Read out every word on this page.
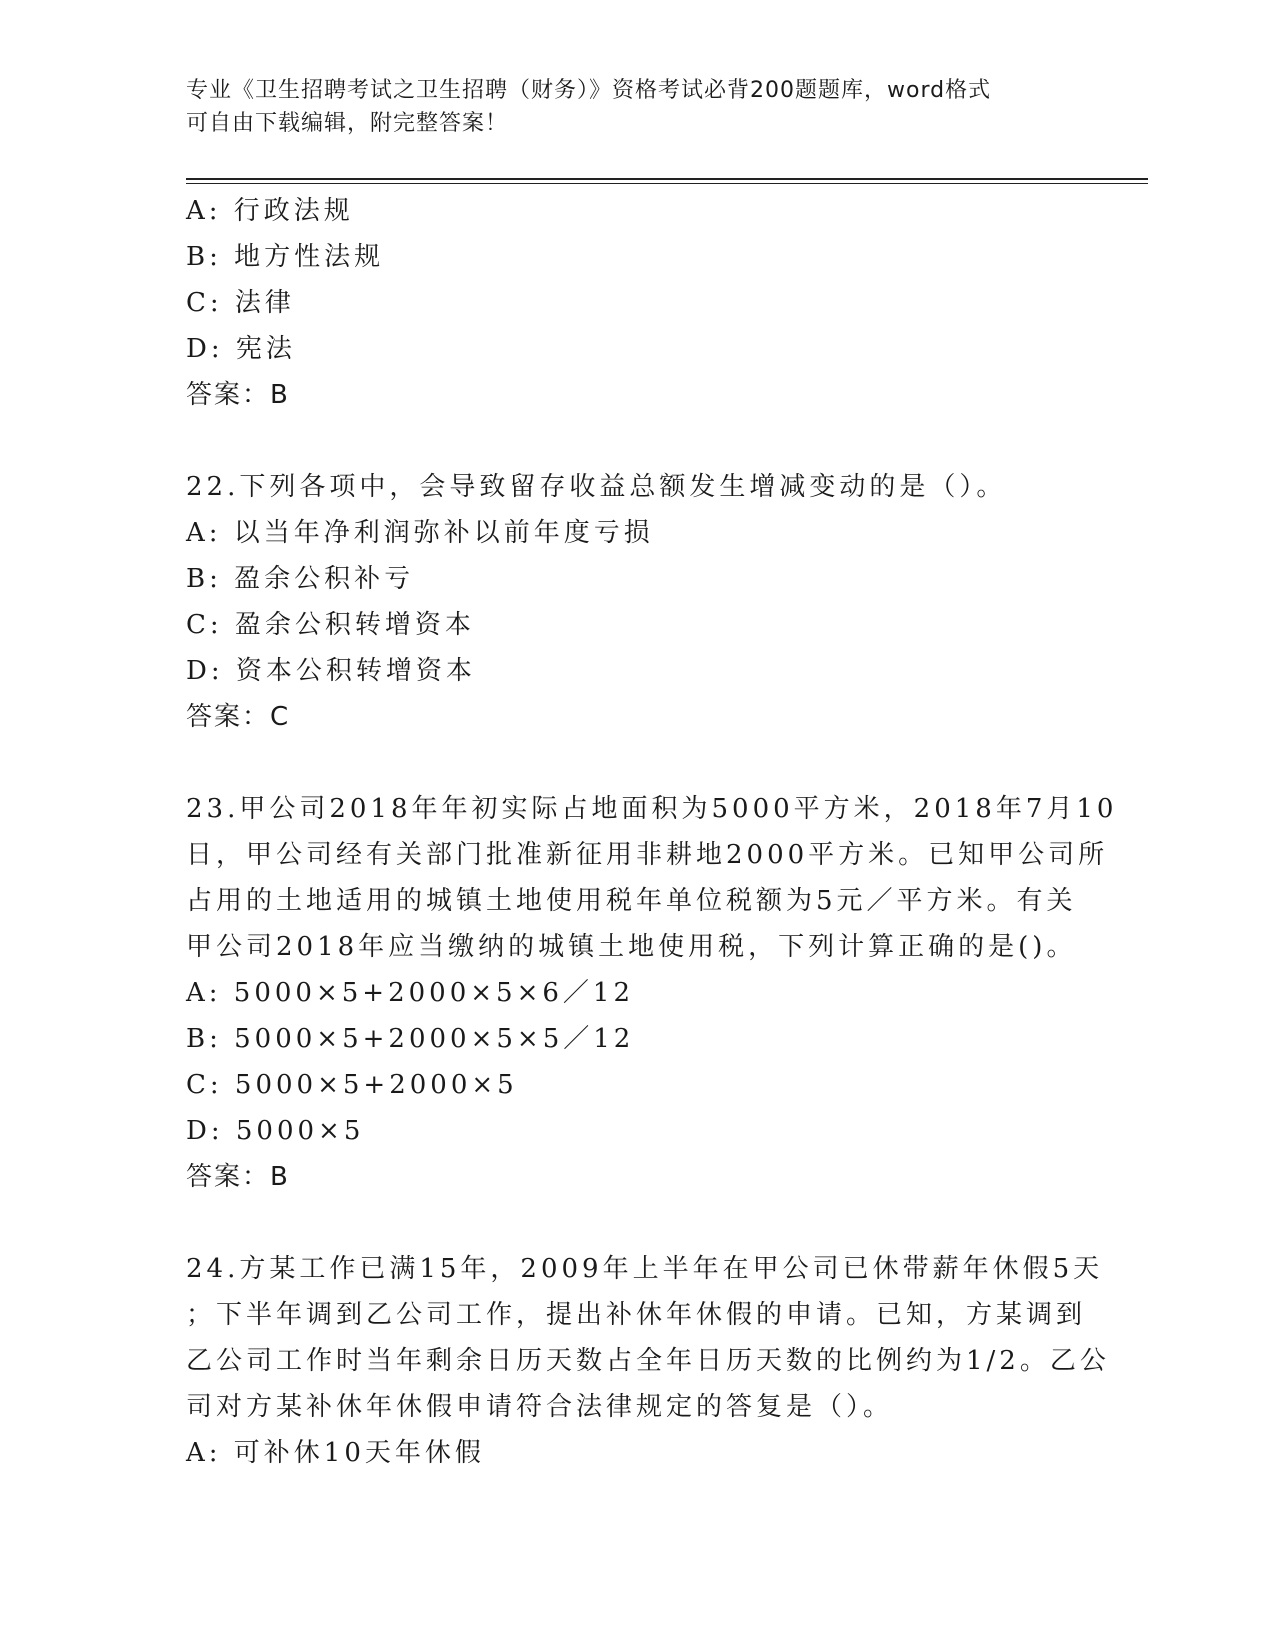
专业《卫生招聘考试之卫生招聘（财务）》资格考试必背200题题库，word格式
可自由下载编辑，附完整答案！
A: 行政法规
B: 地方性法规
C: 法律
D: 宪法
答案：B
22.下列各项中，会导致留存收益总额发生增减变动的是（）。
A: 以当年净利润弥补以前年度亏损
B: 盈余公积补亏
C: 盈余公积转增资本
D: 资本公积转增资本
答案：C
23.甲公司2018年年初实际占地面积为5000平方米，2018年7月10
日，甲公司经有关部门批准新征用非耕地2000平方米。已知甲公司所
占用的土地适用的城镇土地使用税年单位税额为5元／平方米。有关
甲公司2018年应当缴纳的城镇土地使用税，下列计算正确的是()。
A: 5000×5+2000×5×6／12
B: 5000×5+2000×5×5／12
C: 5000×5+2000×5
D: 5000×5
答案：B
24.方某工作已满15年，2009年上半年在甲公司已休带薪年休假5天
；下半年调到乙公司工作，提出补休年休假的申请。已知，方某调到
乙公司工作时当年剩余日历天数占全年日历天数的比例约为1/2。乙公
司对方某补休年休假申请符合法律规定的答复是（）。
A: 可补休10天年休假
